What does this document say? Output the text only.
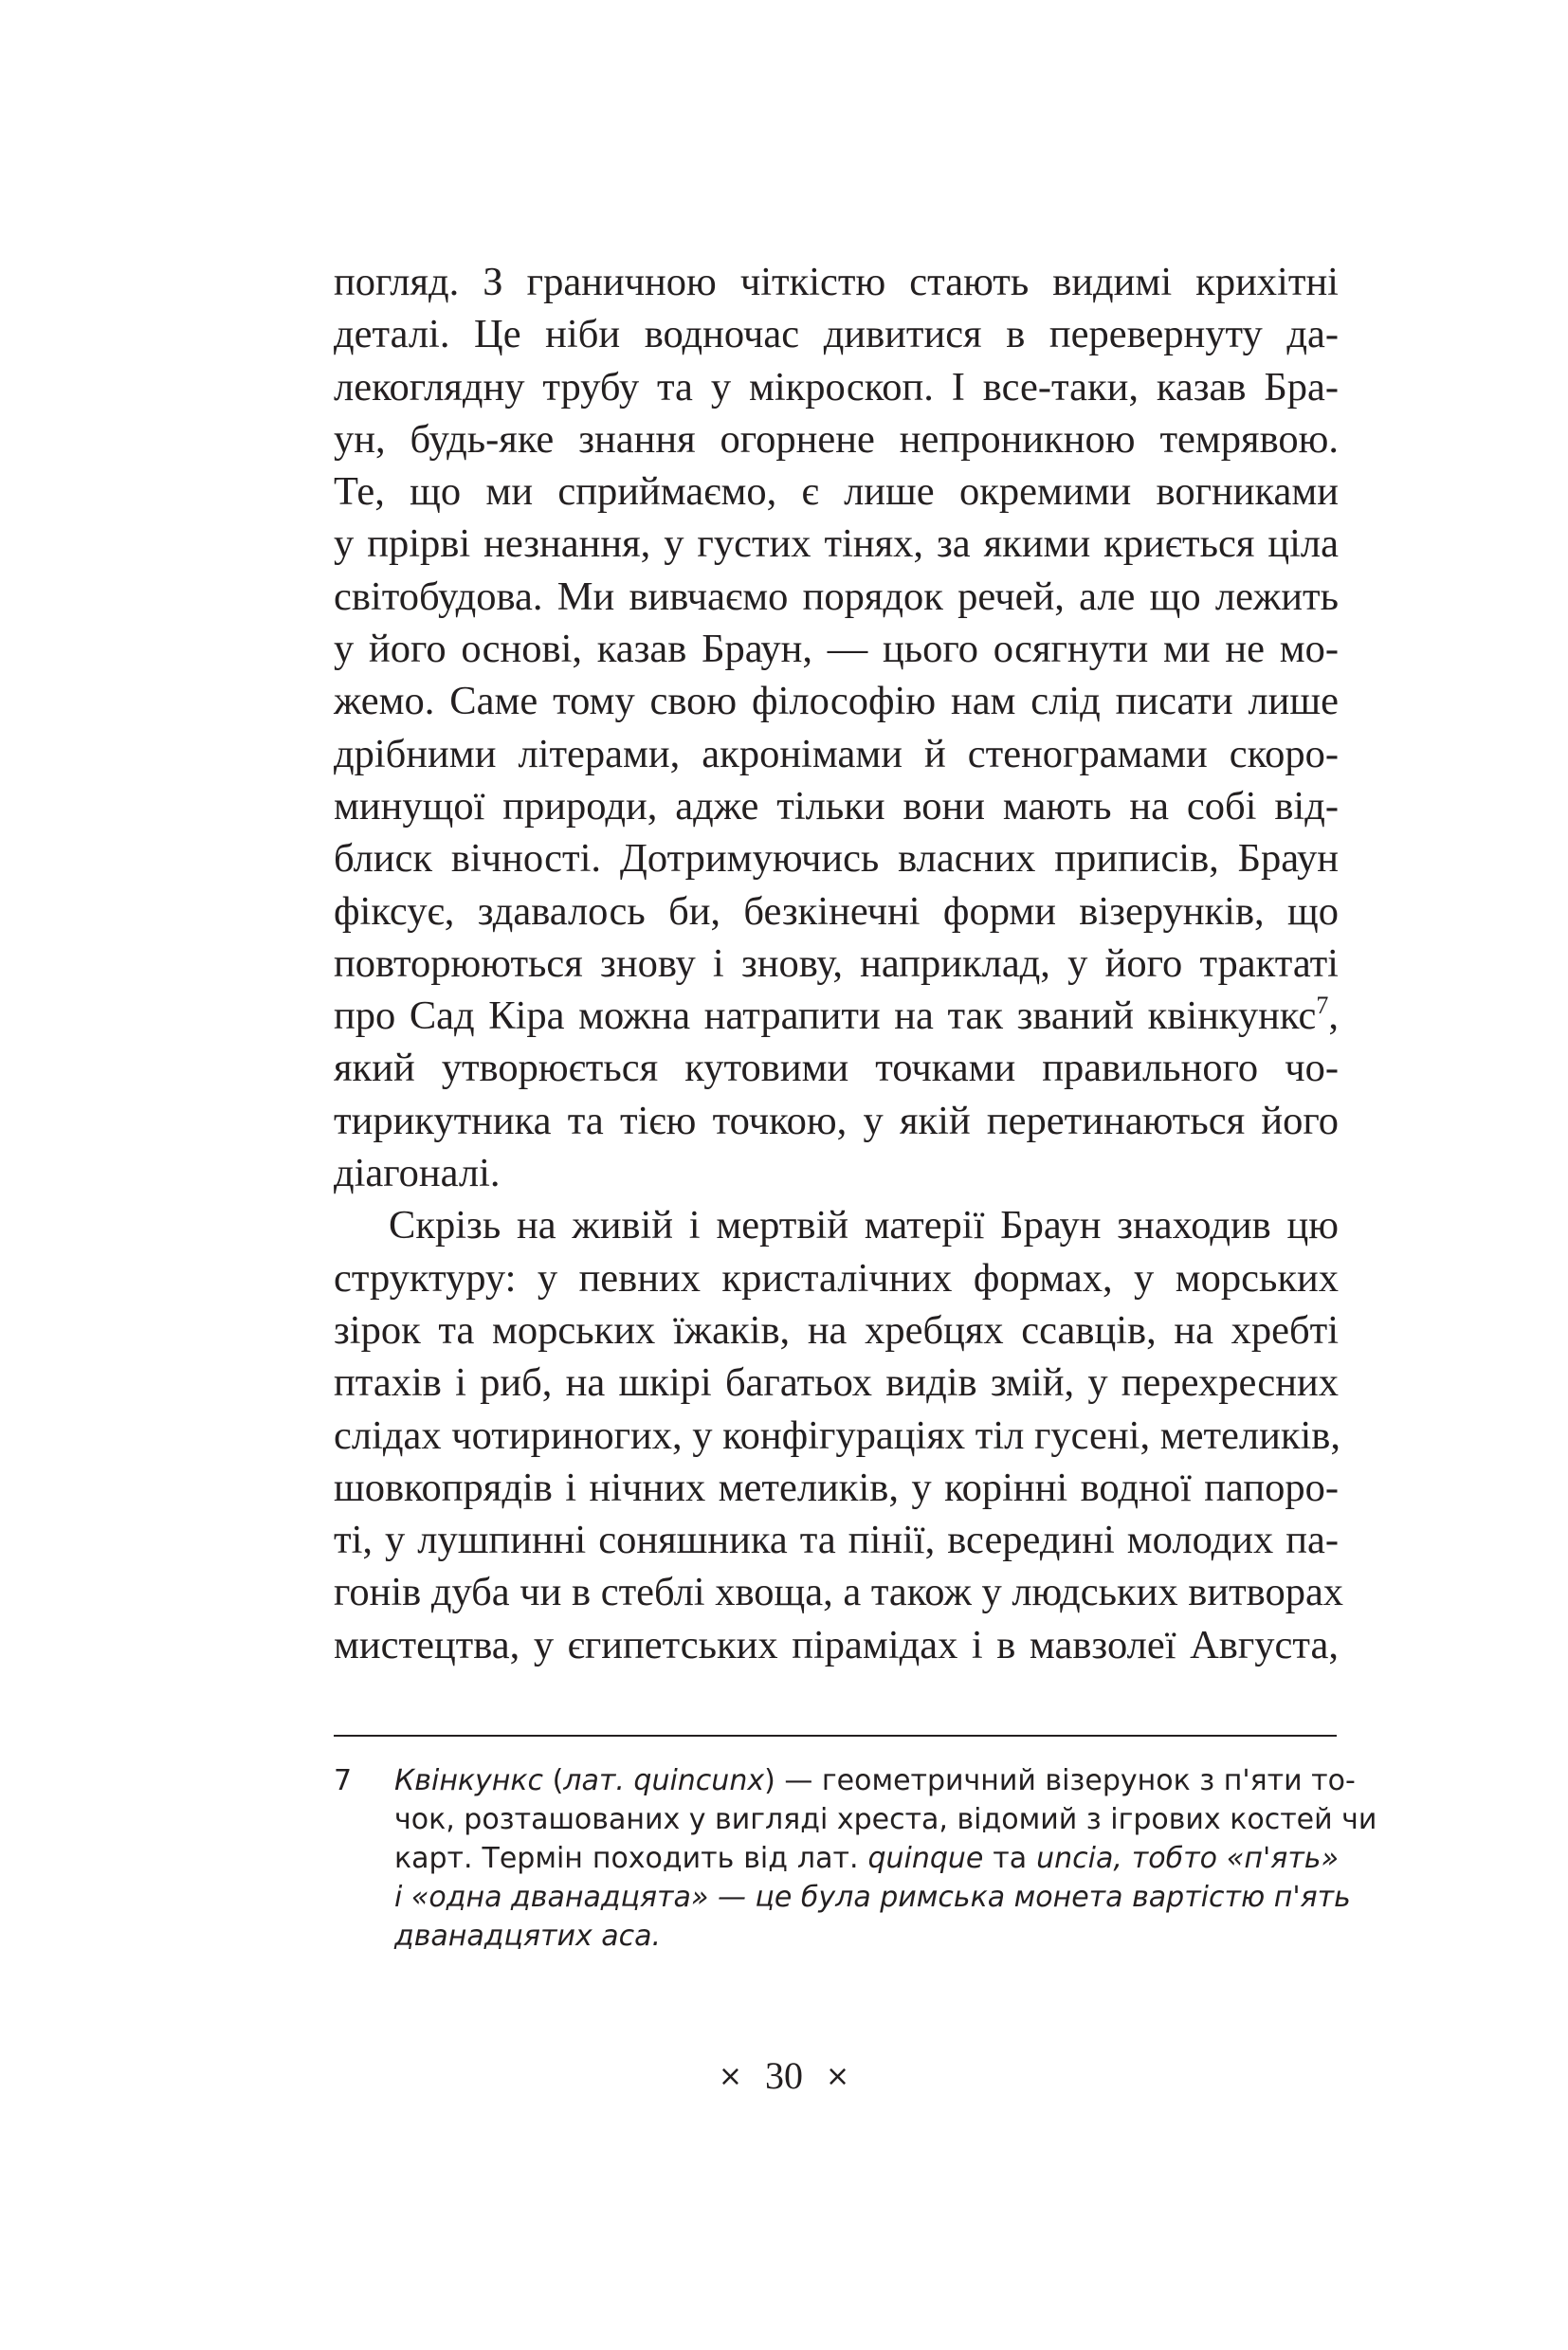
погляд. З граничною чіткістю стають видимі крихітні
деталі. Це ніби водночас дивитися в перевернуту да-
лекоглядну трубу та у мікроскоп. І все-таки, казав Бра-
ун, будь-яке знання огорнене непроникною темрявою.
Те, що ми сприймаємо, є лише окремими вогниками
у прірві незнання, у густих тінях, за якими криється ціла
світобудова. Ми вивчаємо порядок речей, але що лежить
у його основі, казав Браун, — цього осягнути ми не мо-
жемо. Саме тому свою філософію нам слід писати лише
дрібними літерами, акронімами й стенограмами скоро-
минущої природи, адже тільки вони мають на собі від-
блиск вічності. Дотримуючись власних приписів, Браун
фіксує, здавалось би, безкінечні форми візерунків, що
повторюються знову і знову, наприклад, у його трактаті
про Сад Кіра можна натрапити на так званий квінкункс$^7$,
який утворюється кутовими точками правильного чо-
тирикутника та тією точкою, у якій перетинаються його
діагоналі.
Скрізь на живій і мертвій матерії Браун знаходив цю
структуру: у певних кристалічних формах, у морських
зірок та морських їжаків, на хребцях ссавців, на хребті
птахів і риб, на шкірі багатьох видів змій, у перехресних
слідах чотириногих, у конфігураціях тіл гусені, метеликів,
шовкопрядів і нічних метеликів, у корінні водної папоро-
ті, у лушпинні соняшника та пінії, всередині молодих па-
гонів дуба чи в стеблі хвоща, а також у людських витворах
мистецтва, у єгипетських пірамідах і в мавзолеї Августа,
7 Квінкункс (лат. quincunx) — геометричний візерунок з п'яти то-
чок, розташованих у вигляді хреста, відомий з ігрових костей чи
карт. Термін походить від лат. quinque та uncia, тобто «п'ять»
і «одна дванадцята» — це була римська монета вартістю п'ять
дванадцятих аса.
× 30 ×
